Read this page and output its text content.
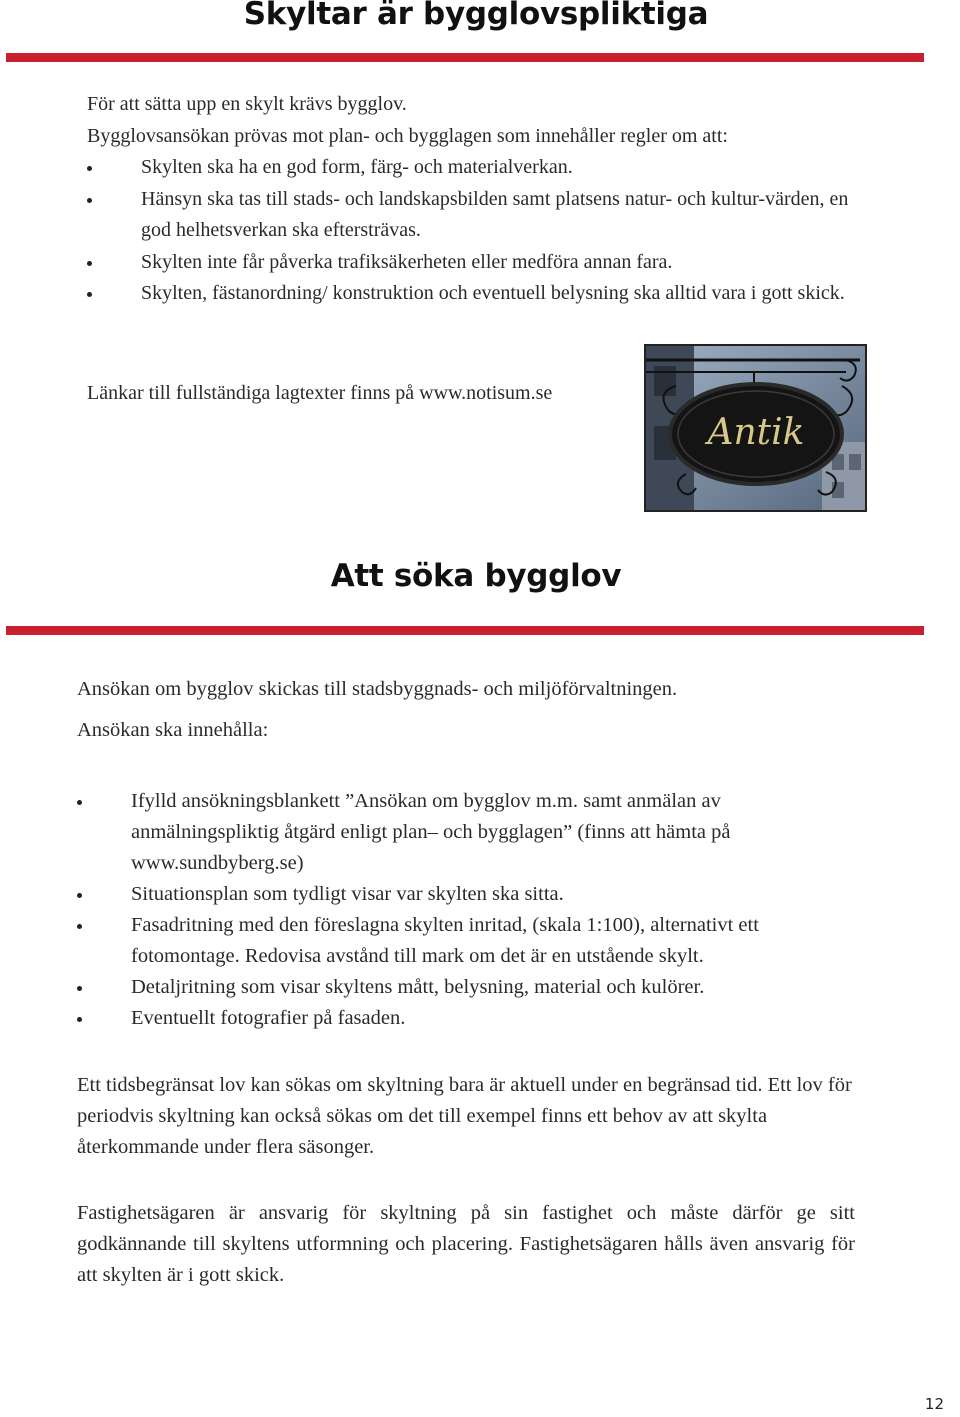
Skyltar är bygglovspliktiga

För att sätta upp en skylt krävs bygglov.

Bygglovsansökan prövas mot plan- och bygglagen som innehåller regler om att:

Skylten ska ha en god form, färg- och materialverkan.
Hänsyn ska tas till stads- och landskapsbilden samt platsens natur- och kultur-värden, en god helhetsverkan ska eftersträvas.
Skylten inte får påverka trafiksäkerheten eller medföra annan fara.
Skylten, fästanordning/ konstruktion och eventuell belysning ska alltid vara i gott skick.

Länkar till fullständiga lagtexter finns på www.notisum.se

Antik
Att söka bygglov

Ansökan om bygglov skickas till stadsbyggnads- och miljöförvaltningen.

Ansökan ska innehålla:

Ifylld ansökningsblankett ”Ansökan om bygglov m.m. samt anmälan av anmälningspliktig åtgärd enligt plan– och bygglagen” (finns att hämta på www.sundbyberg.se)
Situationsplan som tydligt visar var skylten ska sitta.
Fasadritning med den föreslagna skylten inritad, (skala 1:100), alternativt ett fotomontage. Redovisa avstånd till mark om det är en utstående skylt.
Detaljritning som visar skyltens mått, belysning, material och kulörer.
Eventuellt fotografier på fasaden.

Ett tidsbegränsat lov kan sökas om skyltning bara är aktuell under en begränsad tid. Ett lov för periodvis skyltning kan också sökas om det till exempel finns ett behov av att skylta återkommande under flera säsonger.

Fastighetsägaren är ansvarig för skyltning på sin fastighet och måste därför ge sitt godkännande till skyltens utformning och placering. Fastighetsägaren hålls även ansvarig för att skylten är i gott skick.

12
